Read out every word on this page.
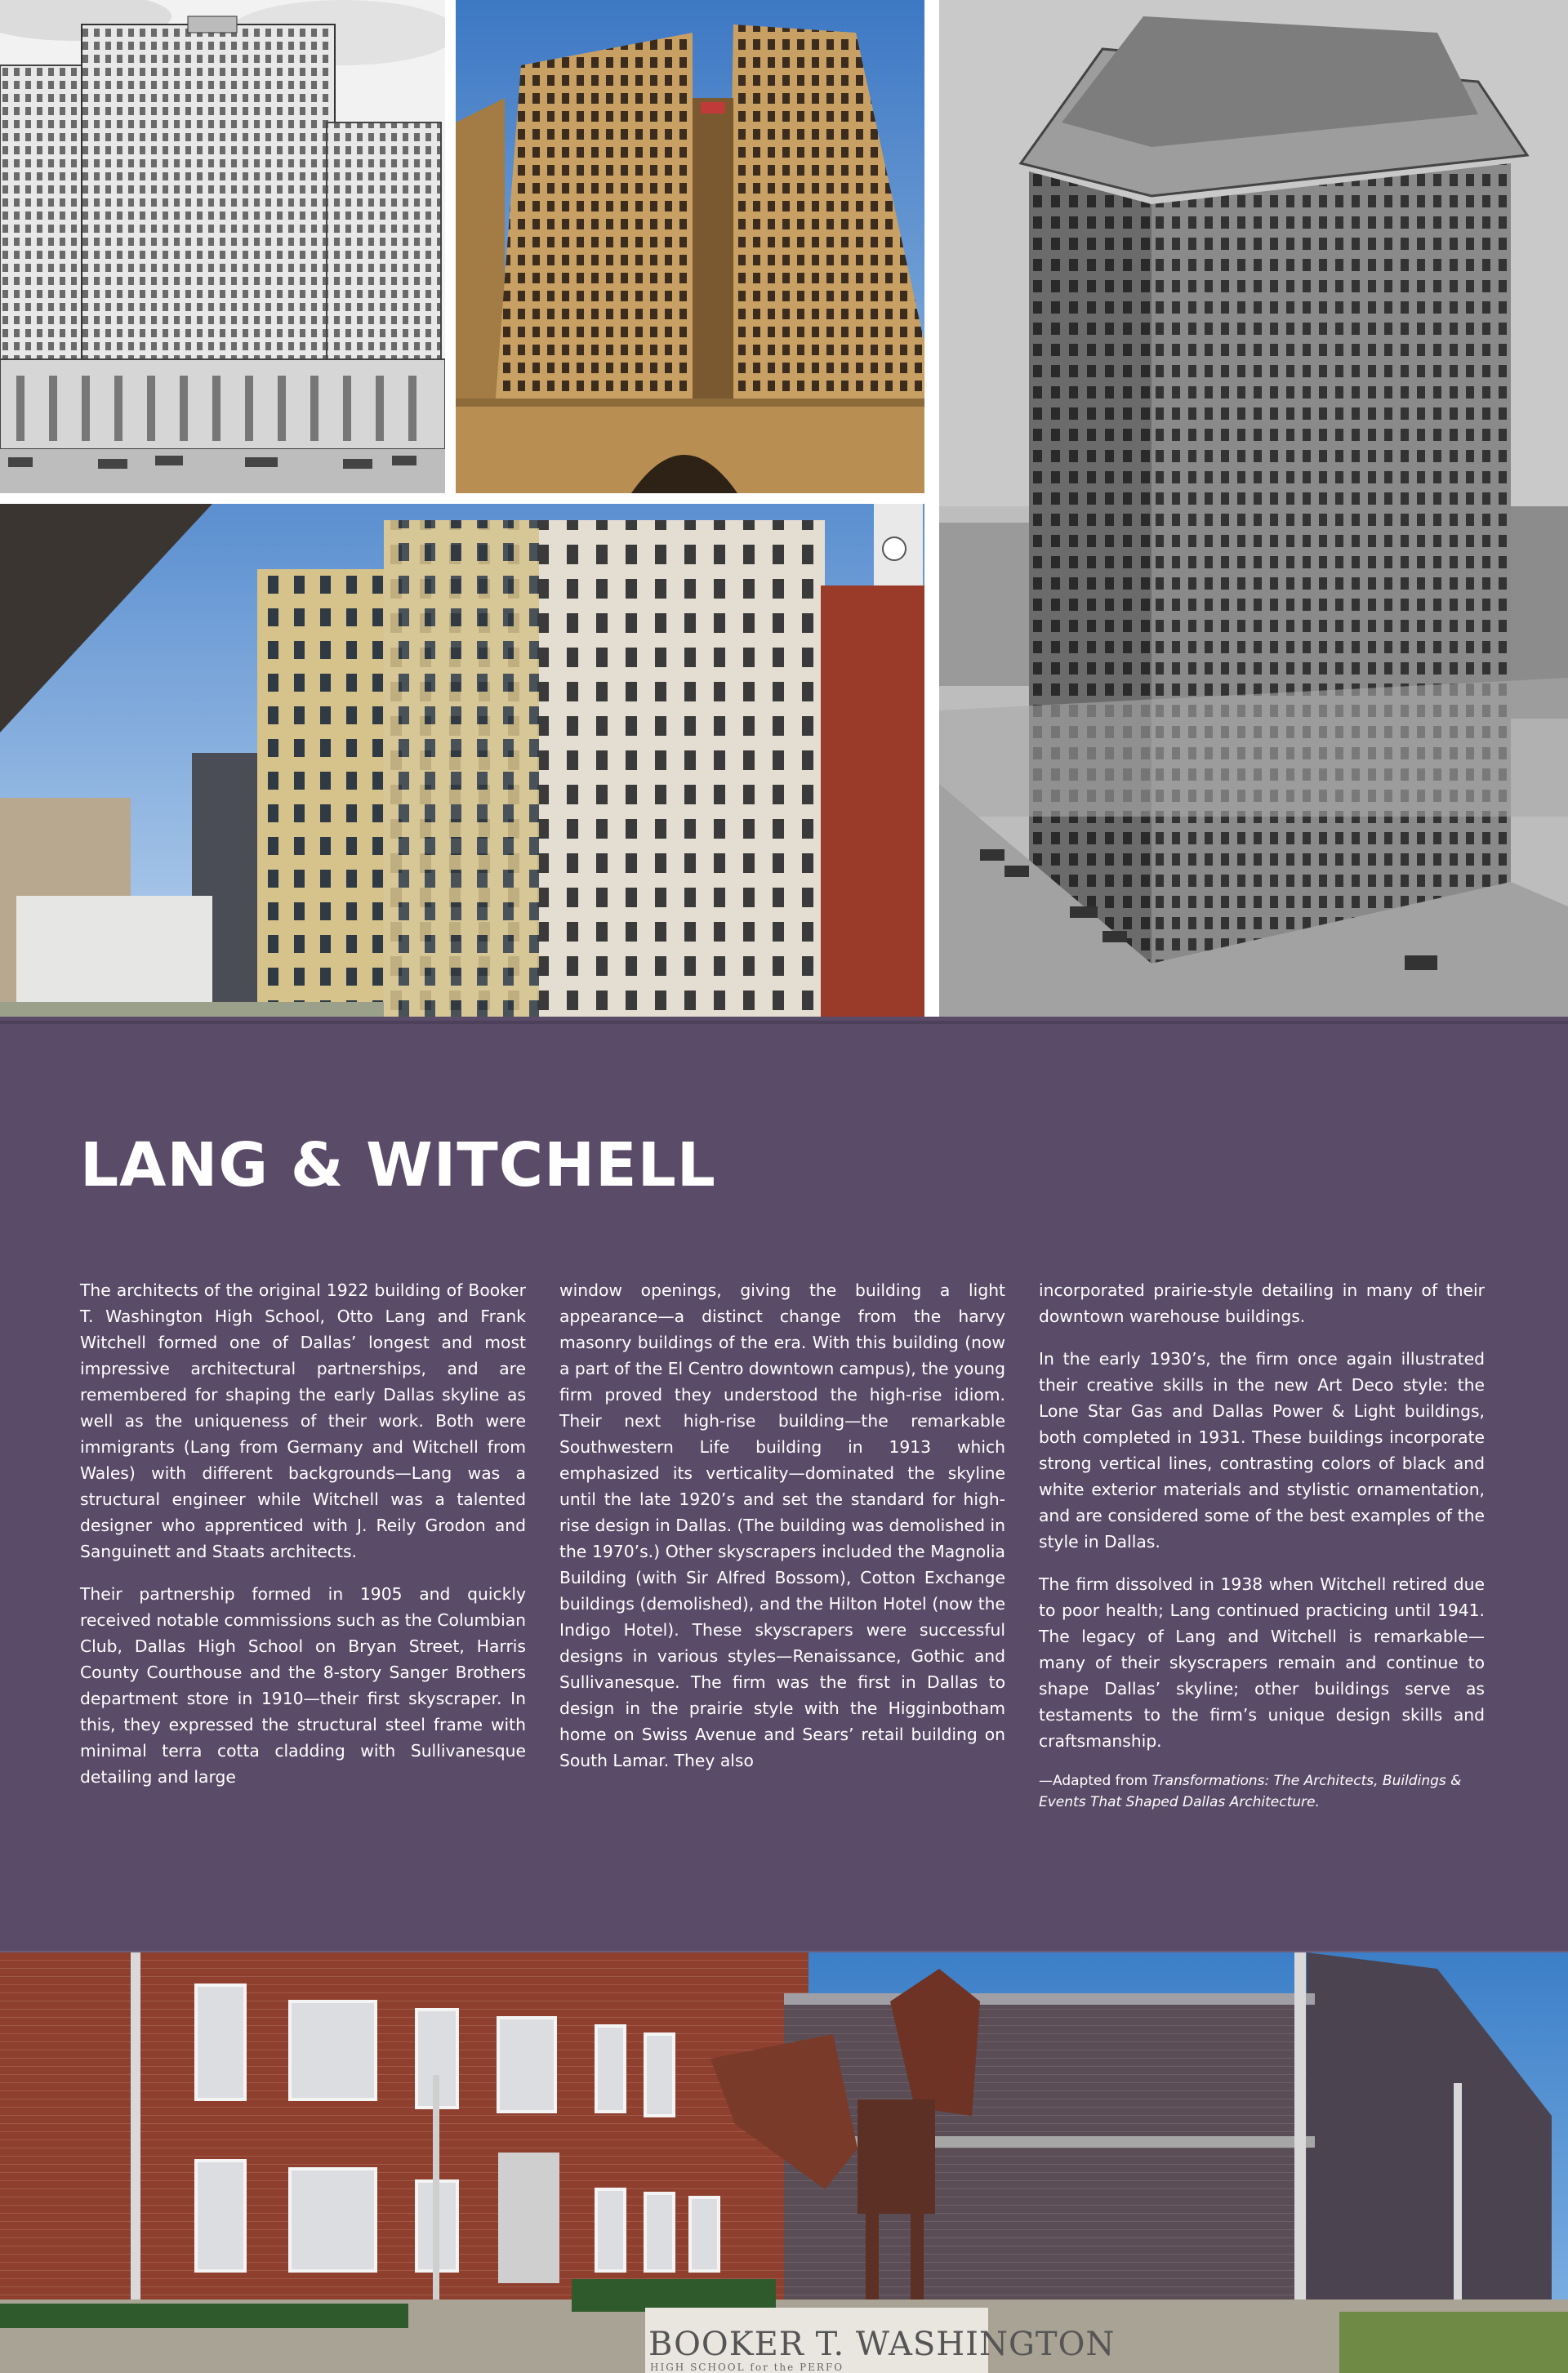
LANG & WITCHELL

The architects of the original 1922 building of Booker T. Washington High School, Otto Lang and Frank Witchell formed one of Dallas’ longest and most impressive architectural partnerships, and are remembered for shaping the early Dallas skyline as well as the uniqueness of their work. Both were immigrants (Lang from Germany and Witchell from Wales) with different backgrounds—Lang was a structural engineer while Witchell was a talented designer who apprenticed with J. Reily Grodon and Sanguinett and Staats architects.

Their partnership formed in 1905 and quickly received notable commissions such as the Columbian Club, Dallas High School on Bryan Street, Harris County Courthouse and the 8-story Sanger Brothers department store in 1910—their first skyscraper. In this, they expressed the structural steel frame with minimal terra cotta cladding with Sullivanesque detailing and large

window openings, giving the building a light appearance—a distinct change from the harvy masonry buildings of the era. With this building (now a part of the El Centro downtown campus), the young firm proved they understood the high-rise idiom. Their next high-rise building—the remarkable Southwestern Life building in 1913 which emphasized its verticality—dominated the skyline until the late 1920’s and set the standard for high-rise design in Dallas. (The building was demolished in the 1970’s.) Other skyscrapers included the Magnolia Building (with Sir Alfred Bossom), Cotton Exchange buildings (demolished), and the Hilton Hotel (now the Indigo Hotel). These skyscrapers were successful designs in various styles—Renaissance, Gothic and Sullivanesque. The firm was the first in Dallas to design in the prairie style with the Higginbotham home on Swiss Avenue and Sears’ retail building on South Lamar. They also

incorporated prairie-style detailing in many of their downtown warehouse buildings.

In the early 1930’s, the firm once again illustrated their creative skills in the new Art Deco style: the Lone Star Gas and Dallas Power & Light buildings, both completed in 1931. These buildings incorporate strong vertical lines, contrasting colors of black and white exterior materials and stylistic ornamentation, and are considered some of the best examples of the style in Dallas.

The firm dissolved in 1938 when Witchell retired due to poor health; Lang continued practicing until 1941. The legacy of Lang and Witchell is remarkable—many of their skyscrapers remain and continue to shape Dallas’ skyline; other buildings serve as testaments to the firm’s unique design skills and craftsmanship.

—Adapted from Transformations: The Architects, Buildings & Events That Shaped Dallas Architecture.
BOOKER T. WASHINGTON
HIGH SCHOOL for the PERFO
